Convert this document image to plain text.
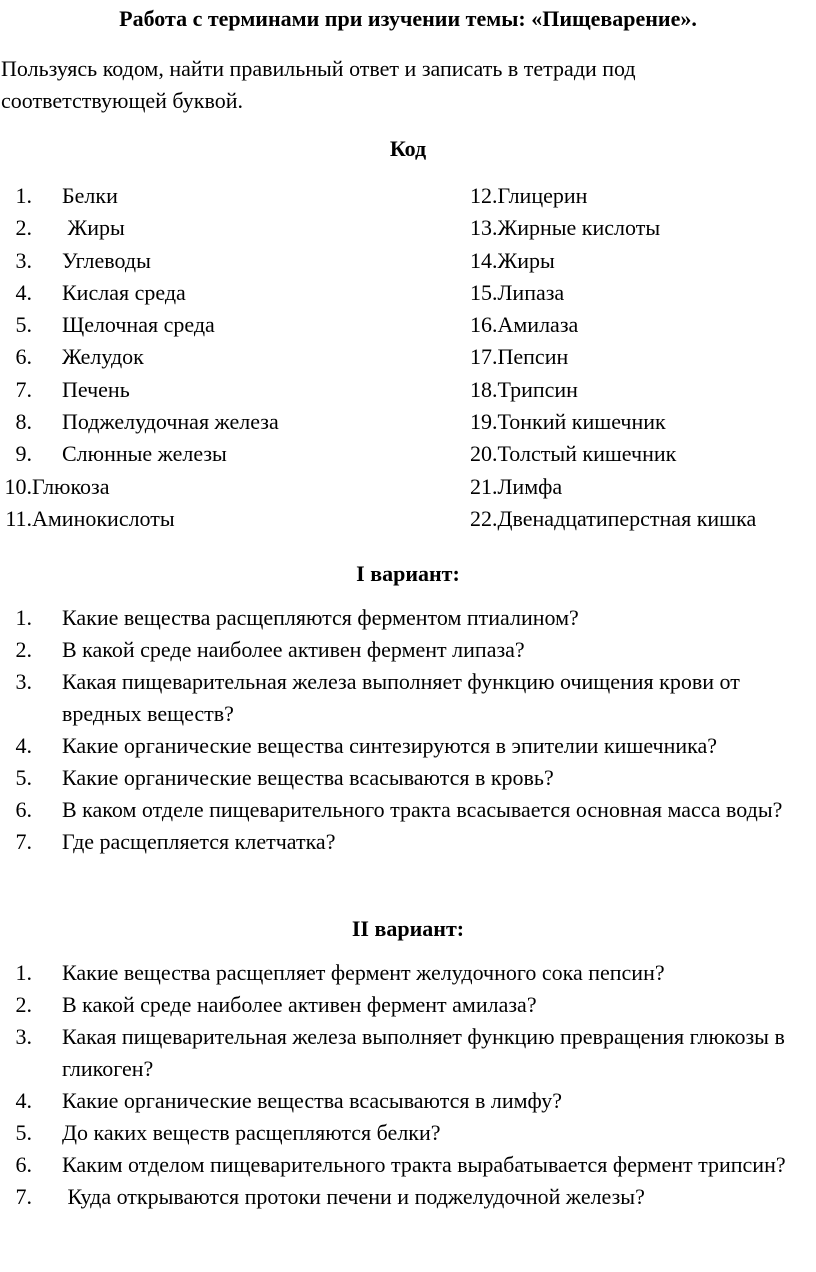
Работа с терминами при изучении темы: «Пищеварение».
Пользуясь кодом, найти правильный ответ и записать в тетради под соответствующей буквой.
Код
1. Белки
2. Жиры
3. Углеводы
4. Кислая среда
5. Щелочная среда
6. Желудок
7. Печень
8. Поджелудочная железа
9. Слюнные железы
10. Глюкоза
11. Аминокислоты
12. Глицерин
13. Жирные кислоты
14. Жиры
15. Липаза
16. Амилаза
17. Пепсин
18. Трипсин
19. Тонкий кишечник
20. Толстый кишечник
21. Лимфа
22. Двенадцатиперстная кишка
I вариант:
1. Какие вещества расщепляются ферментом птиалином?
2. В какой среде наиболее активен фермент липаза?
3. Какая пищеварительная железа выполняет функцию очищения крови от вредных веществ?
4. Какие органические вещества синтезируются в эпителии кишечника?
5. Какие органические вещества всасываются в кровь?
6. В каком отделе пищеварительного тракта всасывается основная масса воды?
7. Где расщепляется клетчатка?
II вариант:
1. Какие вещества расщепляет фермент желудочного сока пепсин?
2. В какой среде наиболее активен фермент амилаза?
3. Какая пищеварительная железа выполняет функцию превращения глюкозы в гликоген?
4. Какие органические вещества всасываются в лимфу?
5. До каких веществ расщепляются белки?
6. Каким отделом пищеварительного тракта вырабатывается фермент трипсин?
7. Куда открываются протоки печени и поджелудочной железы?
